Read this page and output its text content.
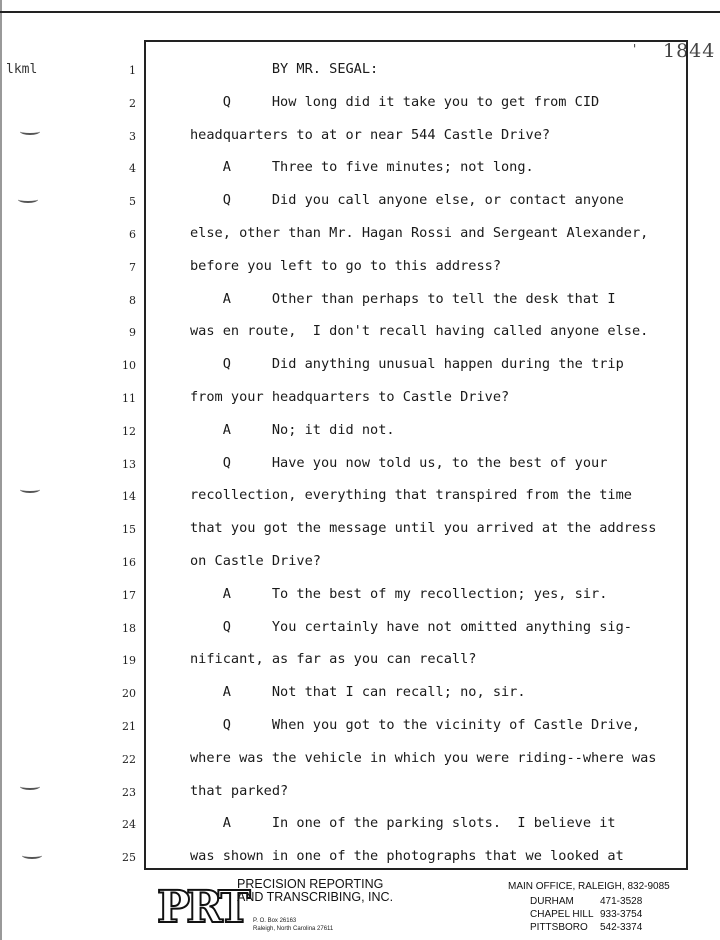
lkml
' 1844
1	BY MR. SEGAL:
2	Q     How long did it take you to get from CID
3	headquarters to at or near 544 Castle Drive?
4	A     Three to five minutes; not long.
5	Q     Did you call anyone else, or contact anyone
6	else, other than Mr. Hagan Rossi and Sergeant Alexander,
7	before you left to go to this address?
8	A     Other than perhaps to tell the desk that I
9	was en route,  I don't recall having called anyone else.
10	Q     Did anything unusual happen during the trip
11	from your headquarters to Castle Drive?
12	A     No; it did not.
13	Q     Have you now told us, to the best of your
14	recollection, everything that transpired from the time
15	that you got the message until you arrived at the address
16	on Castle Drive?
17	A     To the best of my recollection; yes, sir.
18	Q     You certainly have not omitted anything sig-
19	nificant, as far as you can recall?
20	A     Not that I can recall; no, sir.
21	Q     When you got to the vicinity of Castle Drive,
22	where was the vehicle in which you were riding--where was
23	that parked?
24	A     In one of the parking slots.  I believe it
25	was shown in one of the photographs that we looked at
PRT
PRECISION REPORTING
AND TRANSCRIBING, INC.
P. O. Box 26163
Raleigh, North Carolina 27611
MAIN OFFICE, RALEIGH, 832-9085
DURHAM	471-3528
CHAPEL HILL 933-3754
PITTSBORO 542-3374
